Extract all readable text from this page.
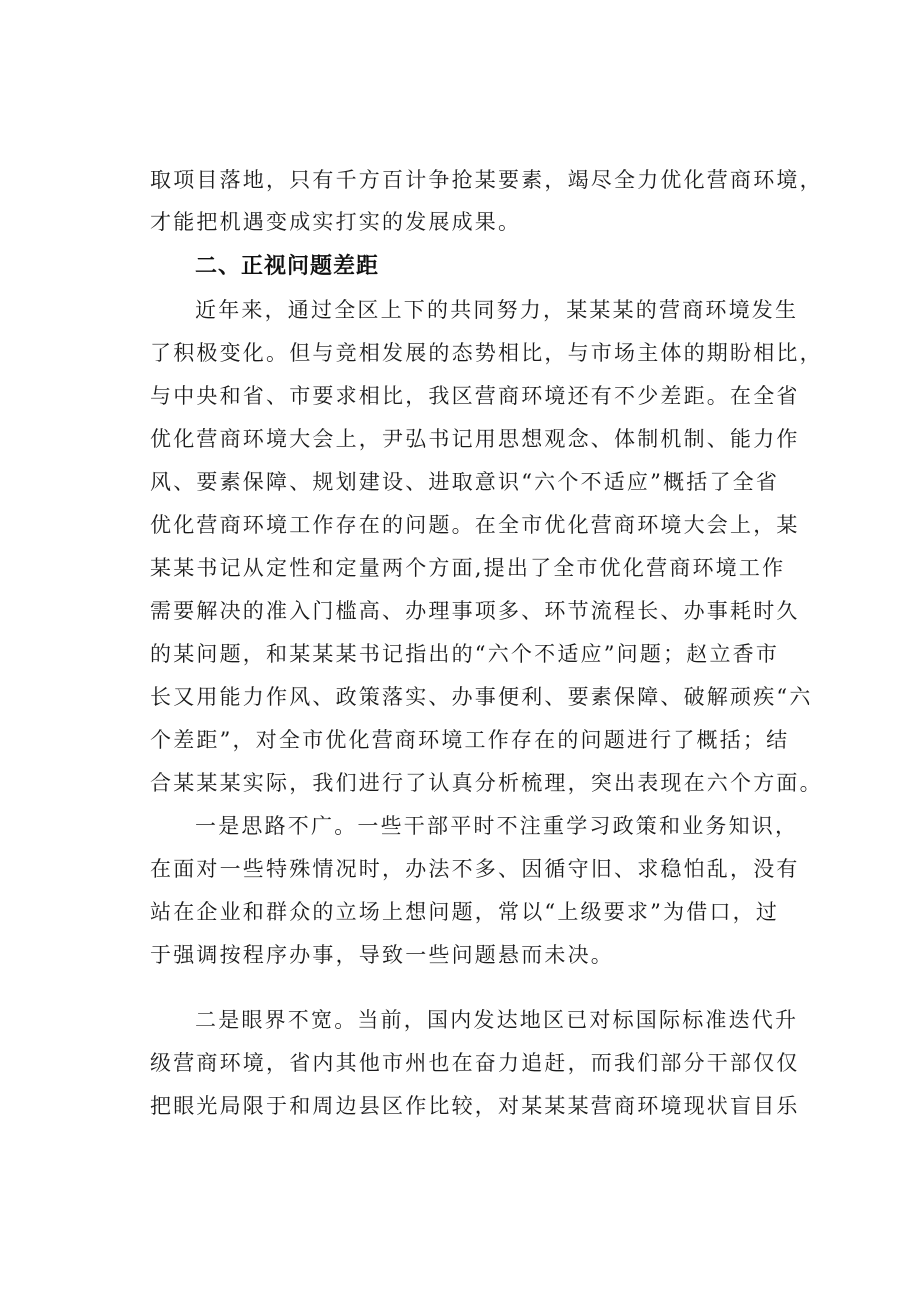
取项目落地，只有千方百计争抢某要素，竭尽全力优化营商环境，
才能把机遇变成实打实的发展成果。
二、正视问题差距
近年来，通过全区上下的共同努力，某某某的营商环境发生
了积极变化。但与竞相发展的态势相比，与市场主体的期盼相比，
与中央和省、市要求相比，我区营商环境还有不少差距。在全省
优化营商环境大会上，尹弘书记用思想观念、体制机制、能力作
风、要素保障、规划建设、进取意识“六个不适应”概括了全省
优化营商环境工作存在的问题。在全市优化营商环境大会上，某
某某书记从定性和定量两个方面,提出了全市优化营商环境工作
需要解决的准入门槛高、办理事项多、环节流程长、办事耗时久
的某问题，和某某某书记指出的“六个不适应”问题；赵立香市
长又用能力作风、政策落实、办事便利、要素保障、破解顽疾“六
个差距”，对全市优化营商环境工作存在的问题进行了概括；结
合某某某实际，我们进行了认真分析梳理，突出表现在六个方面。
一是思路不广。一些干部平时不注重学习政策和业务知识，
在面对一些特殊情况时，办法不多、因循守旧、求稳怕乱，没有
站在企业和群众的立场上想问题，常以“上级要求”为借口，过
于强调按程序办事，导致一些问题悬而未决。
二是眼界不宽。当前，国内发达地区已对标国际标准迭代升
级营商环境，省内其他市州也在奋力追赶，而我们部分干部仅仅
把眼光局限于和周边县区作比较，对某某某营商环境现状盲目乐
